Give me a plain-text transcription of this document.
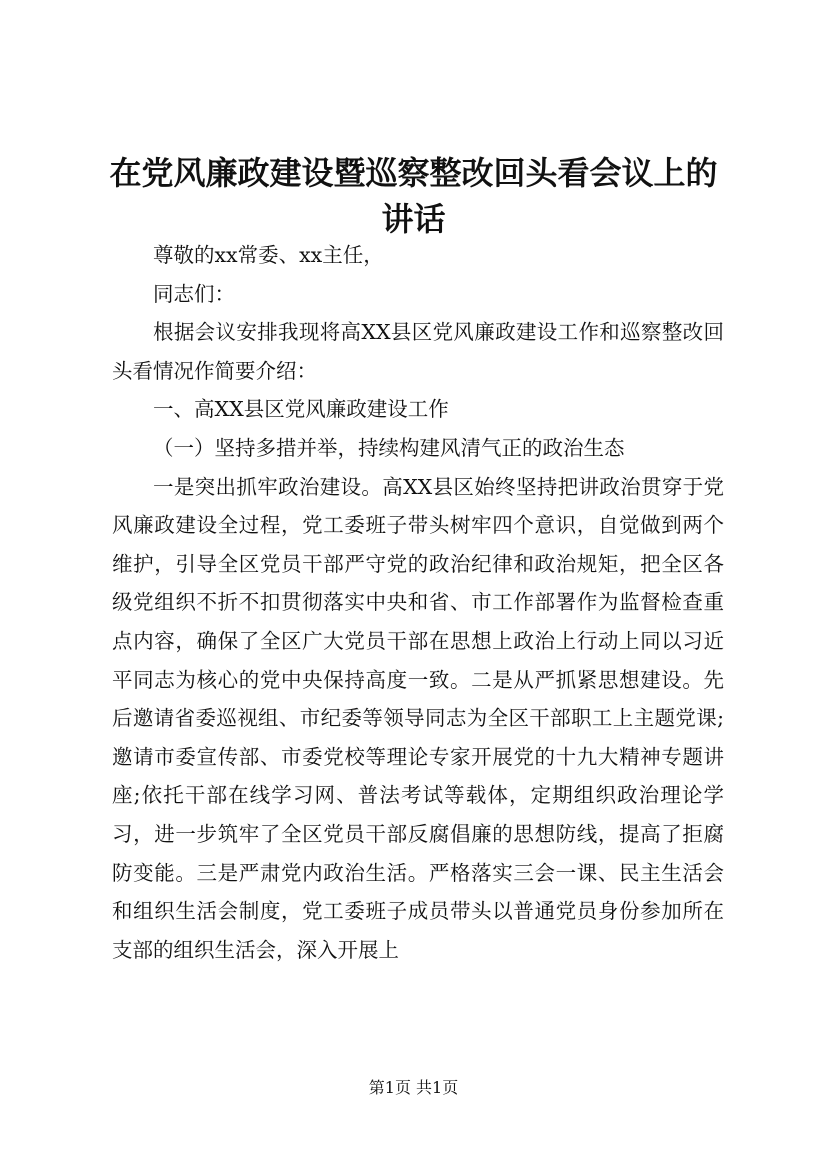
在党风廉政建设暨巡察整改回头看会议上的讲话

尊敬的xx常委、xx主任，

同志们：

根据会议安排我现将高XX县区党风廉政建设工作和巡察整改回头看情况作简要介绍：

一、高XX县区党风廉政建设工作

（一）坚持多措并举，持续构建风清气正的政治生态

一是突出抓牢政治建设。高XX县区始终坚持把讲政治贯穿于党风廉政建设全过程，党工委班子带头树牢四个意识，自觉做到两个维护，引导全区党员干部严守党的政治纪律和政治规矩，把全区各级党组织不折不扣贯彻落实中央和省、市工作部署作为监督检查重点内容，确保了全区广大党员干部在思想上政治上行动上同以习近平同志为核心的党中央保持高度一致。二是从严抓紧思想建设。先后邀请省委巡视组、市纪委等领导同志为全区干部职工上主题党课;邀请市委宣传部、市委党校等理论专家开展党的十九大精神专题讲座;依托干部在线学习网、普法考试等载体，定期组织政治理论学习，进一步筑牢了全区党员干部反腐倡廉的思想防线，提高了拒腐防变能。三是严肃党内政治生活。严格落实三会一课、民主生活会和组织生活会制度，党工委班子成员带头以普通党员身份参加所在支部的组织生活会，深入开展上

第1页 共1页
